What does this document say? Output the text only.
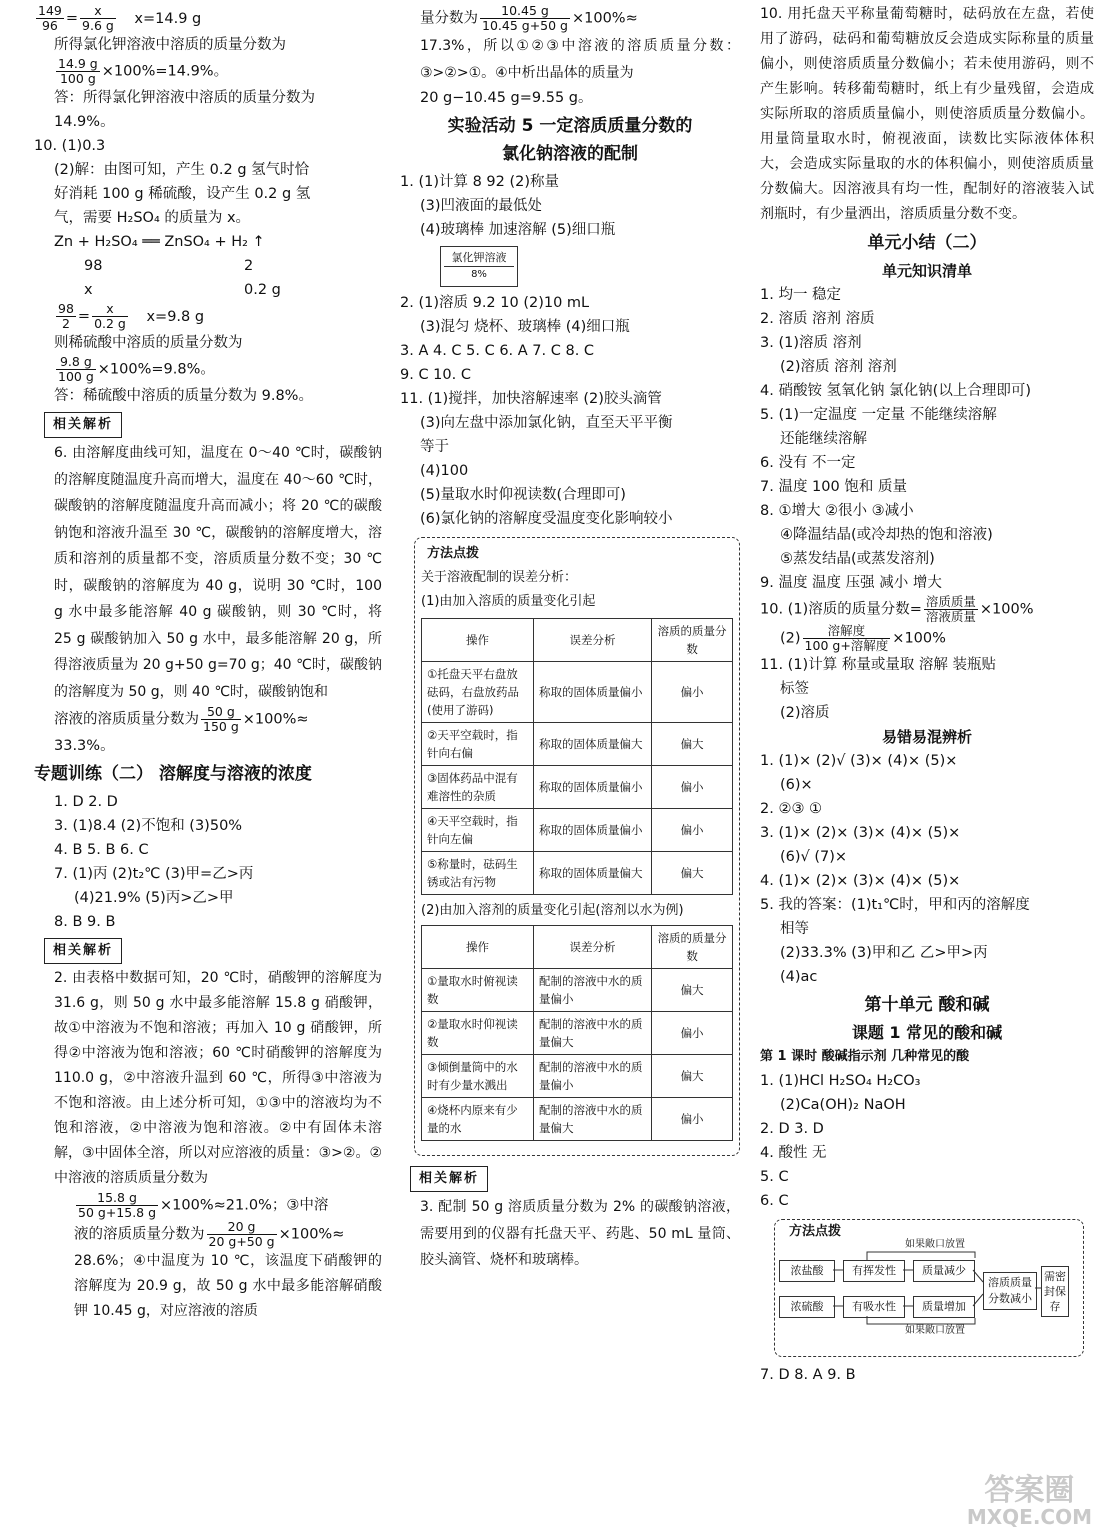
$\frac{149}{96} = \frac{x}{9.6 g} x=14.9$ g
所得氯化钾溶液中溶质的质量分数为
$\frac{14.9 g}{100 g} \times 100\%=14.9\%$。
答：所得氯化钾溶液中溶质的质量分数为
14.9%。
10. (1)0.3
(2)解：由图可知，产生 0.2 g 氢气时恰
好消耗 100 g 稀硫酸，设产生 0.2 g 氢
气，需要 H₂SO₄ 的质量为 x。
Zn + H₂SO₄ ══ ZnSO₄ + H₂ ↑
98	2
x	0.2 g
$\frac{98}{2} = \frac{x}{0.2 g} x=9.8$ g
则稀硫酸中溶质的质量分数为
$\frac{9.8 g}{100 g} \times 100\%=9.8\%$。
答：稀硫酸中溶质的质量分数为 9.8%。
相关解析
6. 由溶解度曲线可知，温度在 0～40 ℃时，碳酸钠的溶解度随温度升高而增大，温度在 40～60 ℃时，碳酸钠的溶解度随温度升高而减小；将 20 ℃的碳酸钠饱和溶液升温至 30 ℃，碳酸钠的溶解度增大，溶质和溶剂的质量都不变，溶质质量分数不变；30 ℃时，碳酸钠的溶解度为 40 g，说明 30 ℃时，100 g 水中最多能溶解 40 g 碳酸钠，则 30 ℃时，将 25 g 碳酸钠加入 50 g 水中，最多能溶解 20 g，所得溶液质量为 20 g+50 g=70 g；40 ℃时，碳酸钠的溶解度为 50 g，则 40 ℃时，碳酸钠饱和
溶液的溶质质量分数为 $\frac{50 g}{150 g} \times 100\%\approx$
33.3%。
专题训练（二） 溶解度与溶液的浓度
1. D 2. D
3. (1)8.4 (2)不饱和 (3)50%
4. B 5. B 6. C
7. (1)丙 (2)t₂℃ (3)甲=乙>丙
(4)21.9% (5)丙>乙>甲
8. B 9. B
相关解析
2. 由表格中数据可知，20 ℃时，硝酸钾的溶解度为 31.6 g，则 50 g 水中最多能溶解 15.8 g 硝酸钾，故①中溶液为不饱和溶液；再加入 10 g 硝酸钾，所得②中溶液为饱和溶液；60 ℃时硝酸钾的溶解度为 110.0 g，②中溶液升温到 60 ℃，所得③中溶液为不饱和溶液。由上述分析可知，①③中的溶液均为不饱和溶液，②中溶液为饱和溶液。②中有固体未溶解，③中固体全溶，所以对应溶液的质量：③>②。②中溶液的溶质质量分数为
$\frac{15.8 g}{50 g+15.8 g} \times 100\%\approx 21.0\%$；③中溶
液的溶质质量分数为 $\frac{20 g}{20 g+50 g} \times 100\%\approx$
28.6%；④中温度为 10 ℃，该温度下硝酸钾的溶解度为 20.9 g，故 50 g 水中最多能溶解硝酸钾 10.45 g，对应溶液的溶质
量分数为 $\frac{10.45 g}{10.45 g+50 g} \times 100\%\approx$
17.3%，所以①②③中溶液的溶质质量分数：③>②>①。④中析出晶体的质量为
20 g−10.45 g=9.55 g。
实验活动 5 一定溶质质量分数的
氯化钠溶液的配制
1. (1)计算 8 92 (2)称量
(3)凹液面的最低处
(4)玻璃棒 加速溶解 (5)细口瓶
氯化钾溶液
8%
2. (1)溶质 9.2 10 (2)10 mL
(3)混匀 烧杯、玻璃棒 (4)细口瓶
3. A 4. C 5. C 6. A 7. C 8. C
9. C 10. C
11. (1)搅拌，加快溶解速率 (2)胶头滴管
(3)向左盘中添加氯化钠，直至天平平衡
等于
(4)100
(5)量取水时仰视读数(合理即可)
(6)氯化钠的溶解度受温度变化影响较小
方法点拨
关于溶液配制的误差分析：
(1)由加入溶质的质量变化引起
操作	误差分析	溶质的质量分数
①托盘天平右盘放砝码，右盘放药品(使用了游码)	称取的固体质量偏小	偏小
②天平空载时，指针向右偏	称取的固体质量偏大	偏大
③固体药品中混有难溶性的杂质	称取的固体质量偏小	偏小
④天平空载时，指针向左偏	称取的固体质量偏小	偏小
⑤称量时，砝码生锈或沾有污物	称取的固体质量偏大	偏大
(2)由加入溶剂的质量变化引起(溶剂以水为例)
操作	误差分析	溶质的质量分数
①量取水时俯视读数	配制的溶液中水的质量偏小	偏大
②量取水时仰视读数	配制的溶液中水的质量偏大	偏小
③倾倒量筒中的水时有少量水溅出	配制的溶液中水的质量偏小	偏大
④烧杯内原来有少量的水	配制的溶液中水的质量偏大	偏小
相关解析
3. 配制 50 g 溶质质量分数为 2% 的碳酸钠溶液，需要用到的仪器有托盘天平、药匙、50 mL 量筒、胶头滴管、烧杯和玻璃棒。
10. 用托盘天平称量葡萄糖时，砝码放在左盘，若使用了游码，砝码和葡萄糖放反会造成实际称量的质量偏小，则使溶质质量分数偏小；若未使用游码，则不产生影响。转移葡萄糖时，纸上有少量残留，会造成实际所取的溶质质量偏小，则使溶质质量分数偏小。用量筒量取水时，俯视液面，读数比实际液体体积大，会造成实际量取的水的体积偏小，则使溶质质量分数偏大。因溶液具有均一性，配制好的溶液装入试剂瓶时，有少量洒出，溶质质量分数不变。
单元小结（二）
单元知识清单
1. 均一 稳定
2. 溶质 溶剂 溶质
3. (1)溶质 溶剂
(2)溶质 溶剂 溶剂
4. 硝酸铵 氢氧化钠 氯化钠(以上合理即可)
5. (1)一定温度 一定量 不能继续溶解
还能继续溶解
6. 没有 不一定
7. 温度 100 饱和 质量
8. ①增大 ②很小 ③减小
④降温结晶(或冷却热的饱和溶液)
⑤蒸发结晶(或蒸发溶剂)
9. 温度 温度 压强 减小 增大
10. (1)溶质的质量分数= $\frac{\text{溶质质量}}{\text{溶液质量}} \times 100\%$
$(2) \frac{\text{溶解度}}{\text{100 g+溶解度}} \times 100\%$
11. (1)计算 称量或量取 溶解 装瓶贴
标签
(2)溶质
易错易混辨析
1. (1)× (2)√ (3)× (4)× (5)×
(6)×
2. ②③ ①
3. (1)× (2)× (3)× (4)× (5)×
(6)√ (7)×
4. (1)× (2)× (3)× (4)× (5)×
5. 我的答案：(1)t₁℃时，甲和丙的溶解度
相等
(2)33.3% (3)甲和乙 乙>甲>丙
(4)ac
第十单元 酸和碱
课题 1 常见的酸和碱
第 1 课时 酸碱指示剂 几种常见的酸
1. (1)HCl H₂SO₄ H₂CO₃
(2)Ca(OH)₂ NaOH
2. D 3. D
4. 酸性 无
5. C
6. C
方法点拨
如果敞口放置
浓盐酸	有挥发性	质量减少
浓硫酸	有吸水性	质量增加
溶质质量分数减小
需密封保存
如果敞口放置
7. D 8. A 9. B
答案圈
MXQE.COM
